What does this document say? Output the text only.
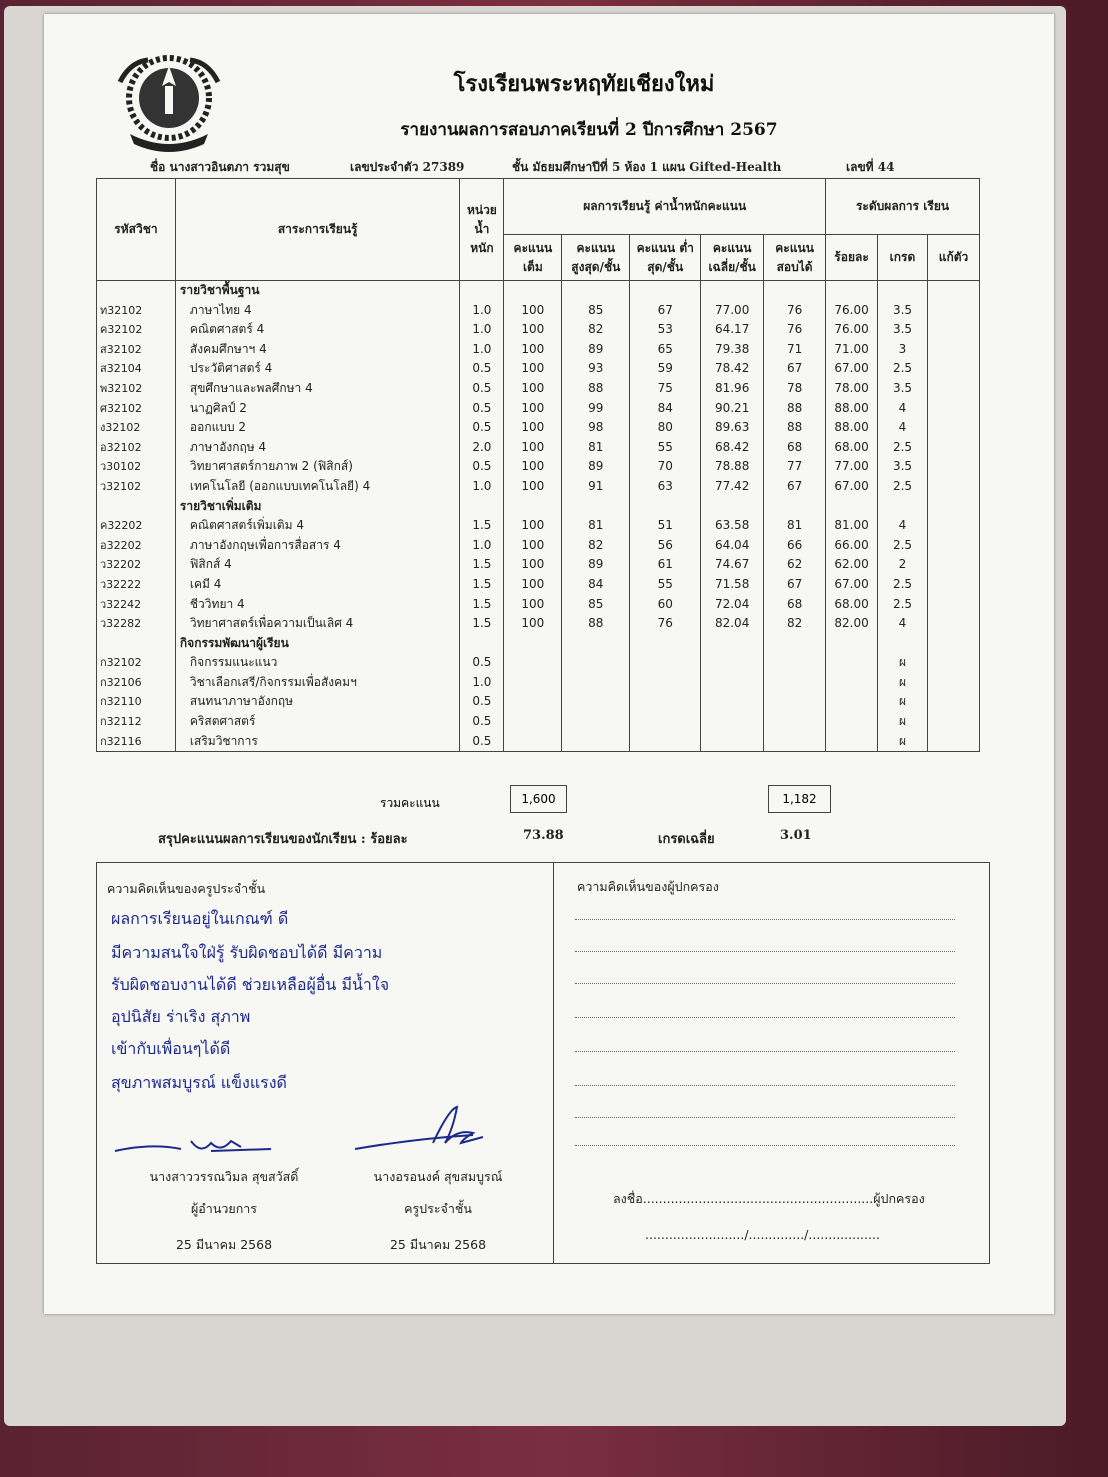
โรงเรียนพระหฤทัยเชียงใหม่
รายงานผลการสอบภาคเรียนที่ 2 ปีการศึกษา 2567
ชื่อ นางสาวอินตภา รวมสุข	เลขประจำตัว 27389	ชั้น มัธยมศึกษาปีที่ 5 ห้อง 1 แผน Gifted-Health	เลขที่ 44
รหัสวิชา	สาระการเรียนรู้	หน่วย น้ำ หนัก	ผลการเรียนรู้ ค่าน้ำหนักคะแนน					ระดับผลการ เรียน		
			คะแนน เต็ม	คะแนน สูงสุด/ชั้น	คะแนน ต่ำสุด/ชั้น	คะแนน เฉลี่ย/ชั้น	คะแนน สอบได้	ร้อยละ	เกรด	แก้ตัว
	รายวิชาพื้นฐาน									
ท32102	ภาษาไทย 4	1.0	100	85	67	77.00	76	76.00	3.5	
ค32102	คณิตศาสตร์ 4	1.0	100	82	53	64.17	76	76.00	3.5	
ส32102	สังคมศึกษาฯ 4	1.0	100	89	65	79.38	71	71.00	3	
ส32104	ประวัติศาสตร์ 4	0.5	100	93	59	78.42	67	67.00	2.5	
พ32102	สุขศึกษาและพลศึกษา 4	0.5	100	88	75	81.96	78	78.00	3.5	
ศ32102	นาฏศิลป์ 2	0.5	100	99	84	90.21	88	88.00	4	
ง32102	ออกแบบ 2	0.5	100	98	80	89.63	88	88.00	4	
อ32102	ภาษาอังกฤษ 4	2.0	100	81	55	68.42	68	68.00	2.5	
ว30102	วิทยาศาสตร์กายภาพ 2 (ฟิสิกส์)	0.5	100	89	70	78.88	77	77.00	3.5	
ว32102	เทคโนโลยี (ออกแบบเทคโนโลยี) 4	1.0	100	91	63	77.42	67	67.00	2.5	
	รายวิชาเพิ่มเติม									
ค32202	คณิตศาสตร์เพิ่มเติม 4	1.5	100	81	51	63.58	81	81.00	4	
อ32202	ภาษาอังกฤษเพื่อการสื่อสาร 4	1.0	100	82	56	64.04	66	66.00	2.5	
ว32202	ฟิสิกส์ 4	1.5	100	89	61	74.67	62	62.00	2	
ว32222	เคมี 4	1.5	100	84	55	71.58	67	67.00	2.5	
ว32242	ชีววิทยา 4	1.5	100	85	60	72.04	68	68.00	2.5	
ว32282	วิทยาศาสตร์เพื่อความเป็นเลิศ 4	1.5	100	88	76	82.04	82	82.00	4	
	กิจกรรมพัฒนาผู้เรียน									
ก32102	กิจกรรมแนะแนว	0.5							ผ	
ก32106	วิชาเลือกเสรี/กิจกรรมเพื่อสังคมฯ	1.0							ผ	
ก32110	สนทนาภาษาอังกฤษ	0.5							ผ	
ก32112	คริสตศาสตร์	0.5							ผ	
ก32116	เสริมวิชาการ	0.5							ผ	
รวมคะแนน	1,600	1,182
สรุปคะแนนผลการเรียนของนักเรียน : ร้อยละ	73.88	เกรดเฉลี่ย	3.01
ความคิดเห็นของครูประจำชั้น	ความคิดเห็นของผู้ปกครอง
ผลการเรียนอยู่ในเกณฑ์ ดี
มีความสนใจใฝ่รู้ รับผิดชอบได้ดี มีความ
รับผิดชอบงานได้ดี ช่วยเหลือผู้อื่น มีน้ำใจ
อุปนิสัย ร่าเริง สุภาพ
เข้ากับเพื่อนๆได้ดี
สุขภาพสมบูรณ์ แข็งแรงดี
นางสาววรรณวิมล สุขสวัสดิ์
ผู้อำนวยการ
25 มีนาคม 2568
นางอรอนงค์ สุขสมบูรณ์
ครูประจำชั้น
25 มีนาคม 2568
ลงชื่อ..........................................................ผู้ปกครอง
........................./............../..................
